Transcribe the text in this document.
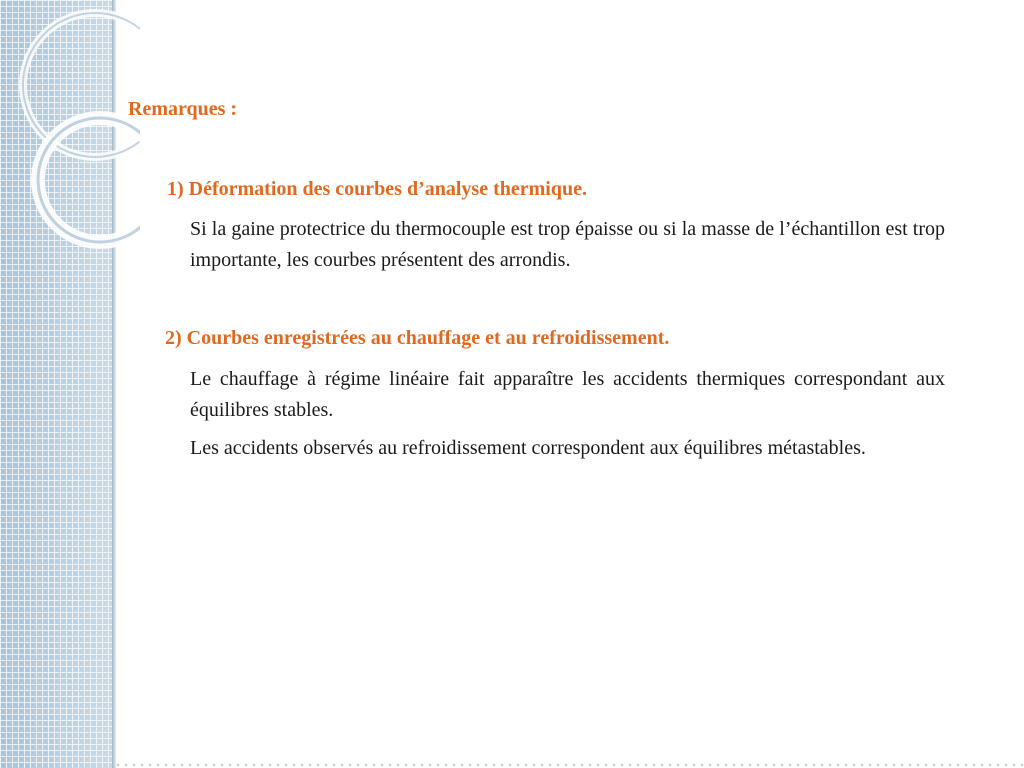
Remarques :
1) Déformation des courbes d’analyse thermique.

Si la gaine protectrice du thermocouple est trop épaisse ou si la masse de l’échantillon est trop importante, les courbes présentent des arrondis.

2) Courbes enregistrées au chauffage et au refroidissement.

Le chauffage à régime linéaire fait apparaître les accidents thermiques correspondant aux équilibres stables.

Les accidents observés au refroidissement correspondent aux équilibres métastables.
